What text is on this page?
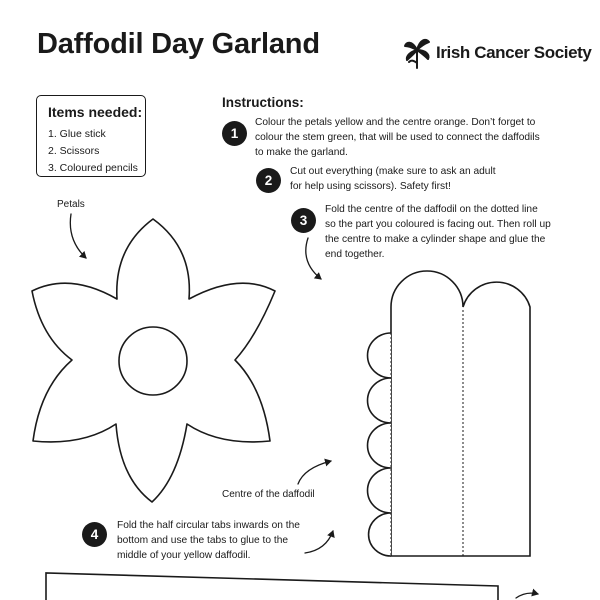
Daffodil Day Garland	Irish Cancer Society
Items needed:
1. Glue stick
2. Scissors
3. Coloured pencils
Instructions:
1
Colour the petals yellow and the centre orange. Don’t forget to
colour the stem green, that will be used to connect the daffodils
to make the garland.
2
Cut out everything (make sure to ask an adult
for help using scissors). Safety first!
3
Fold the centre of the daffodil on the dotted line
so the part you coloured is facing out. Then roll up
the centre to make a cylinder shape and glue the
end together.
4
Fold the half circular tabs inwards on the
bottom and use the tabs to glue to the
middle of your yellow daffodil.
Petals
Centre of the daffodil
